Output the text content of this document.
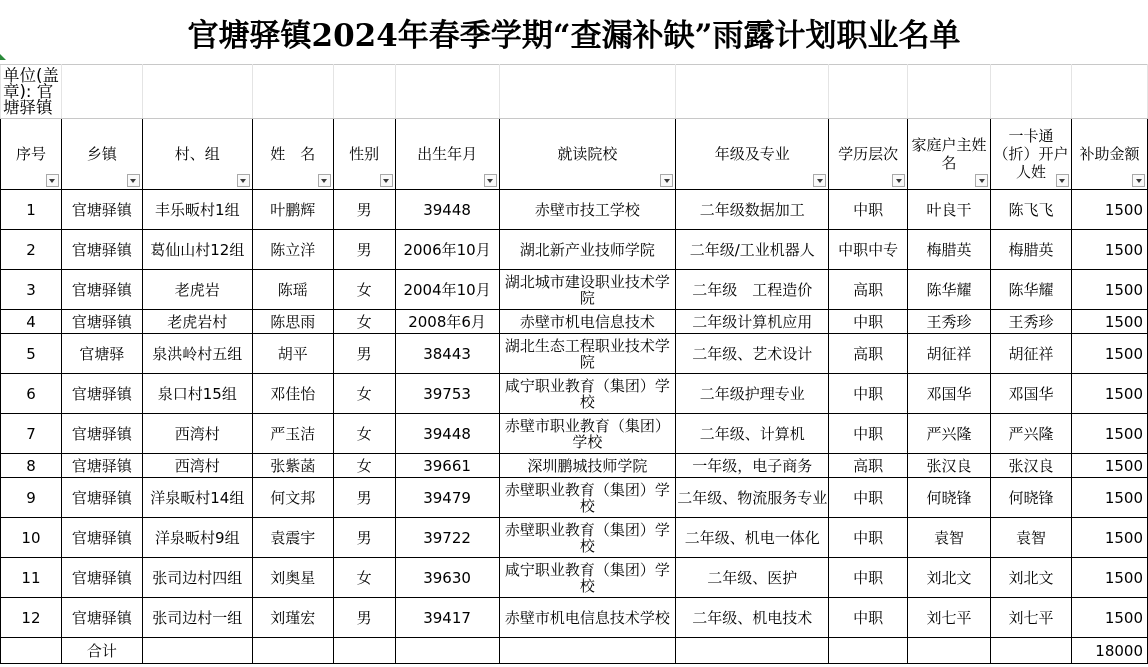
官塘驿镇2024年春季学期“查漏补缺”雨露计划职业名单
单位(盖章): 官塘驿镇											

序号	乡镇	村、组	姓　名	性别	出生年月	就读院校	年级及专业	学历层次	家庭户主姓名	一卡通（折）开户人姓	补助金额

1	官塘驿镇	丰乐畈村1组	叶鹏辉	男	39448	赤壁市技工学校	二年级数据加工	中职	叶良干	陈飞飞	1500
2	官塘驿镇	葛仙山村12组	陈立洋	男	2006年10月	湖北新产业技师学院	二年级/工业机器人	中职中专	梅腊英	梅腊英	1500
3	官塘驿镇	老虎岩	陈瑶	女	2004年10月	湖北城市建设职业技术学院	二年级　工程造价	高职	陈华耀	陈华耀	1500
4	官塘驿镇	老虎岩村	陈思雨	女	2008年6月	赤壁市机电信息技术	二年级计算机应用	中职	王秀珍	王秀珍	1500
5	官塘驿	泉洪岭村五组	胡平	男	38443	湖北生态工程职业技术学院	二年级、艺术设计	高职	胡征祥	胡征祥	1500
6	官塘驿镇	泉口村15组	邓佳怡	女	39753	咸宁职业教育（集团）学校	二年级护理专业	中职	邓国华	邓国华	1500
7	官塘驿镇	西湾村	严玉洁	女	39448	赤壁市职业教育（集团）学校	二年级、计算机	中职	严兴隆	严兴隆	1500
8	官塘驿镇	西湾村	张紫菡	女	39661	深圳鹏城技师学院	一年级，电子商务	高职	张汉良	张汉良	1500
9	官塘驿镇	洋泉畈村14组	何文邦	男	39479	赤壁职业教育（集团）学校	二年级、物流服务专业	中职	何晓锋	何晓锋	1500
10	官塘驿镇	洋泉畈村9组	袁震宇	男	39722	赤壁职业教育（集团）学校	二年级、机电一体化	中职	袁智	袁智	1500
11	官塘驿镇	张司边村四组	刘奥星	女	39630	咸宁职业教育（集团）学校	二年级、医护	中职	刘北文	刘北文	1500
12	官塘驿镇	张司边村一组	刘瑾宏	男	39417	赤壁市机电信息技术学校	二年级、机电技术	中职	刘七平	刘七平	1500
	合计										18000
